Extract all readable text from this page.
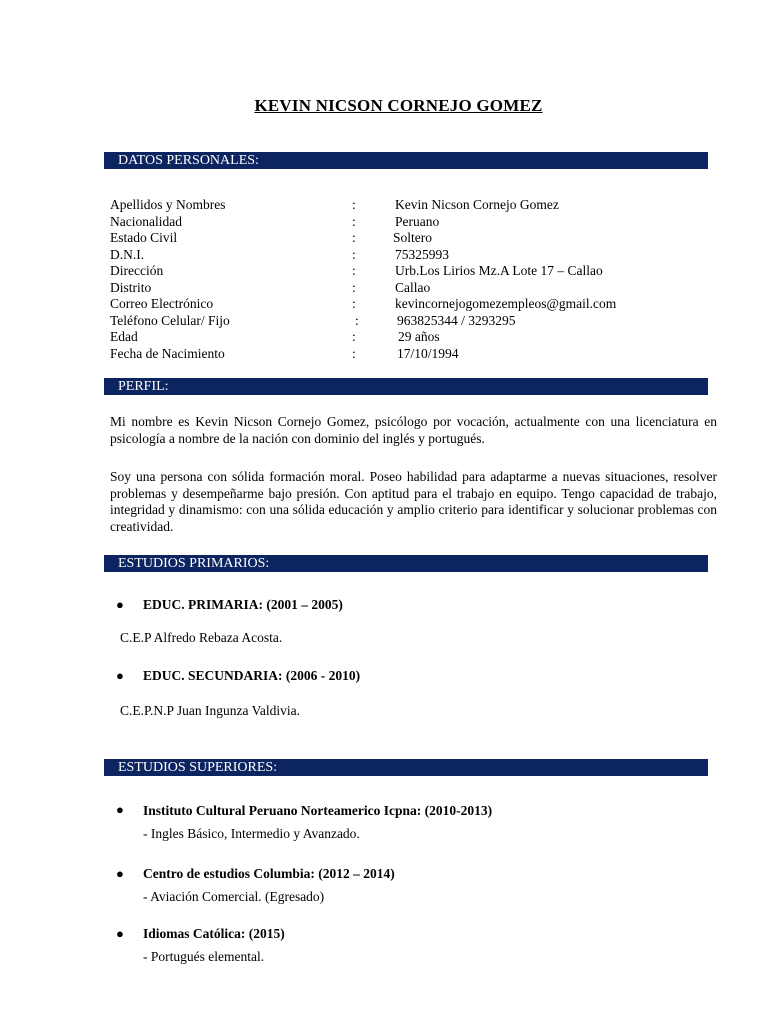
KEVIN NICSON CORNEJO GOMEZ
DATOS PERSONALES:
Apellidos y Nombres	:	Kevin Nicson Cornejo Gomez
Nacionalidad	:	Peruano
Estado Civil	:	Soltero
D.N.I.	:	75325993
Dirección	:	Urb.Los Lirios Mz.A Lote 17 – Callao
Distrito	:	Callao
Correo Electrónico	:	kevincornejogomezempleos@gmail.com
Teléfono Celular/ Fijo	:	963825344 / 3293295
Edad	:	29 años
Fecha de Nacimiento	:	17/10/1994
PERFIL:
Mi nombre es Kevin Nicson Cornejo Gomez, psicólogo por vocación, actualmente con una licenciatura en psicología a nombre de la nación con dominio del inglés y portugués.
Soy una persona con sólida formación moral. Poseo habilidad para adaptarme a nuevas situaciones, resolver problemas y desempeñarme bajo presión. Con aptitud para el trabajo en equipo. Tengo capacidad de trabajo, integridad y dinamismo: con una sólida educación y amplio criterio para identificar y solucionar problemas con creatividad.
ESTUDIOS PRIMARIOS:
● EDUC. PRIMARIA: (2001 – 2005)
C.E.P Alfredo Rebaza Acosta.
● EDUC. SECUNDARIA: (2006 - 2010)
C.E.P.N.P Juan Ingunza Valdivia.
ESTUDIOS SUPERIORES:
● Instituto Cultural Peruano Norteamerico Icpna: (2010-2013)
- Ingles Básico, Intermedio y Avanzado.
● Centro de estudios Columbia: (2012 – 2014)
- Aviación Comercial. (Egresado)
● Idiomas Católica: (2015)
- Portugués elemental.
